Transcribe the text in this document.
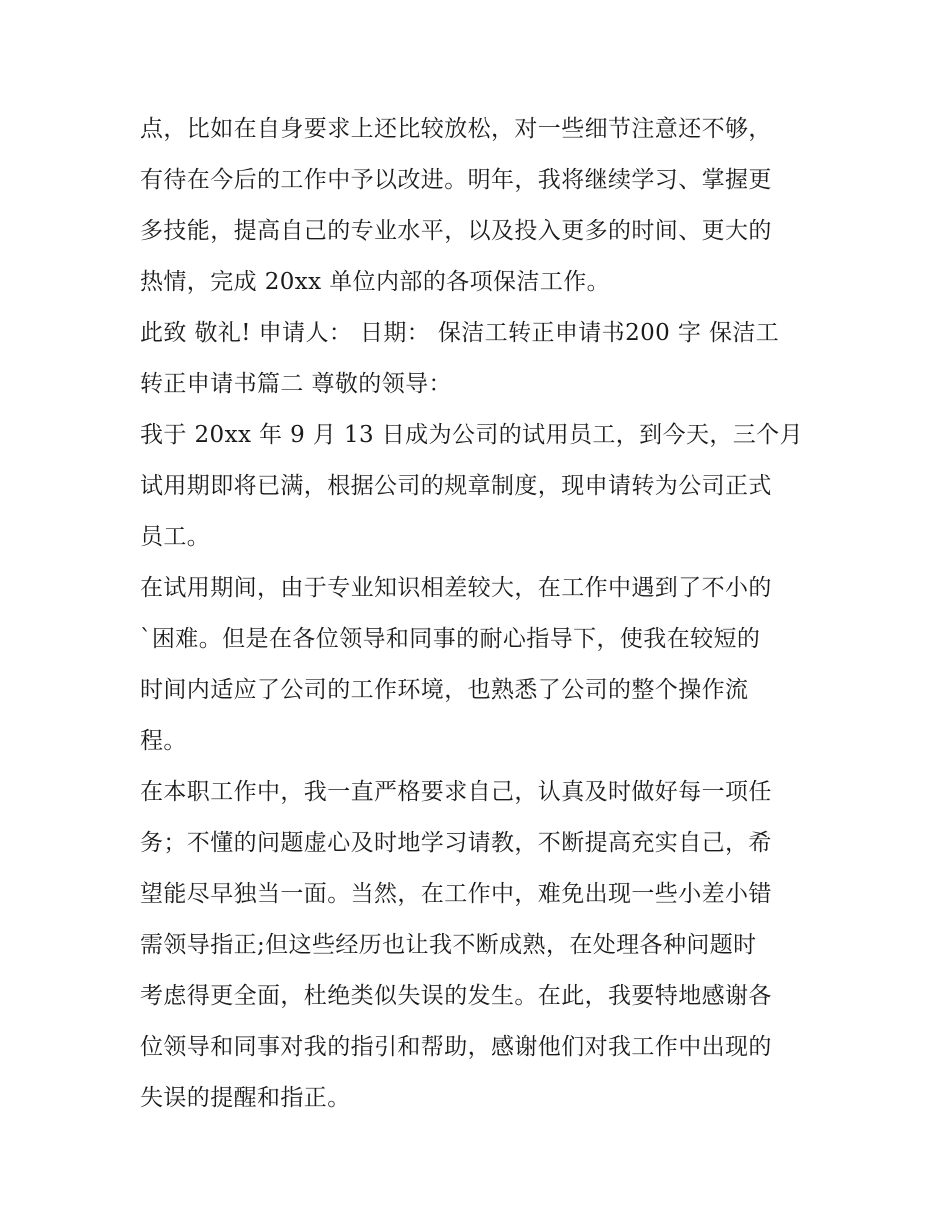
点，比如在自身要求上还比较放松，对一些细节注意还不够，
有待在今后的工作中予以改进。明年，我将继续学习、掌握更
多技能，提高自己的专业水平，以及投入更多的时间、更大的
热情，完成 20xx 单位内部的各项保洁工作。
此致 敬礼! 申请人： 日期： 保洁工转正申请书200 字 保洁工
转正申请书篇二 尊敬的领导：
我于 20xx 年 9 月 13 日成为公司的试用员工，到今天，三个月
试用期即将已满，根据公司的规章制度，现申请转为公司正式
员工。
在试用期间，由于专业知识相差较大，在工作中遇到了不小的
`困难。但是在各位领导和同事的耐心指导下，使我在较短的
时间内适应了公司的工作环境，也熟悉了公司的整个操作流
程。
在本职工作中，我一直严格要求自己，认真及时做好每一项任
务；不懂的问题虚心及时地学习请教，不断提高充实自己，希
望能尽早独当一面。当然，在工作中，难免出现一些小差小错
需领导指正;但这些经历也让我不断成熟，在处理各种问题时
考虑得更全面，杜绝类似失误的发生。在此，我要特地感谢各
位领导和同事对我的指引和帮助，感谢他们对我工作中出现的
失误的提醒和指正。
